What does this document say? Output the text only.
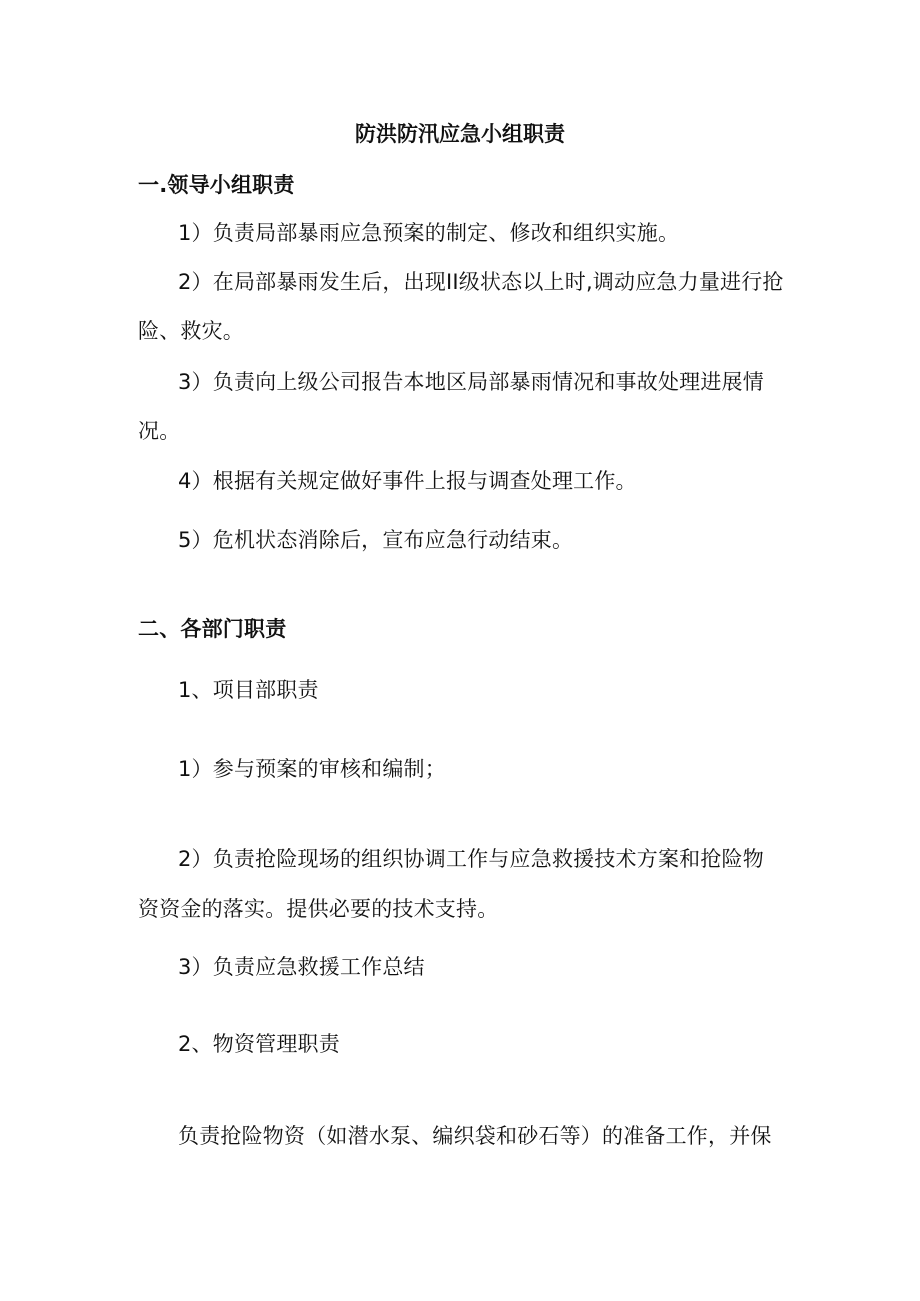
防洪防汛应急小组职责
一.领导小组职责
1）负责局部暴雨应急预案的制定、修改和组织实施。
2）在局部暴雨发生后，出现II级状态以上时,调动应急力量进行抢
险、救灾。
3）负责向上级公司报告本地区局部暴雨情况和事故处理进展情
况。
4）根据有关规定做好事件上报与调查处理工作。
5）危机状态消除后，宣布应急行动结束。
二、各部门职责
1、项目部职责
1）参与预案的审核和编制；
2）负责抢险现场的组织协调工作与应急救援技术方案和抢险物
资资金的落实。提供必要的技术支持。
3）负责应急救援工作总结
2、物资管理职责
负责抢险物资（如潜水泵、编织袋和砂石等）的准备工作，并保
